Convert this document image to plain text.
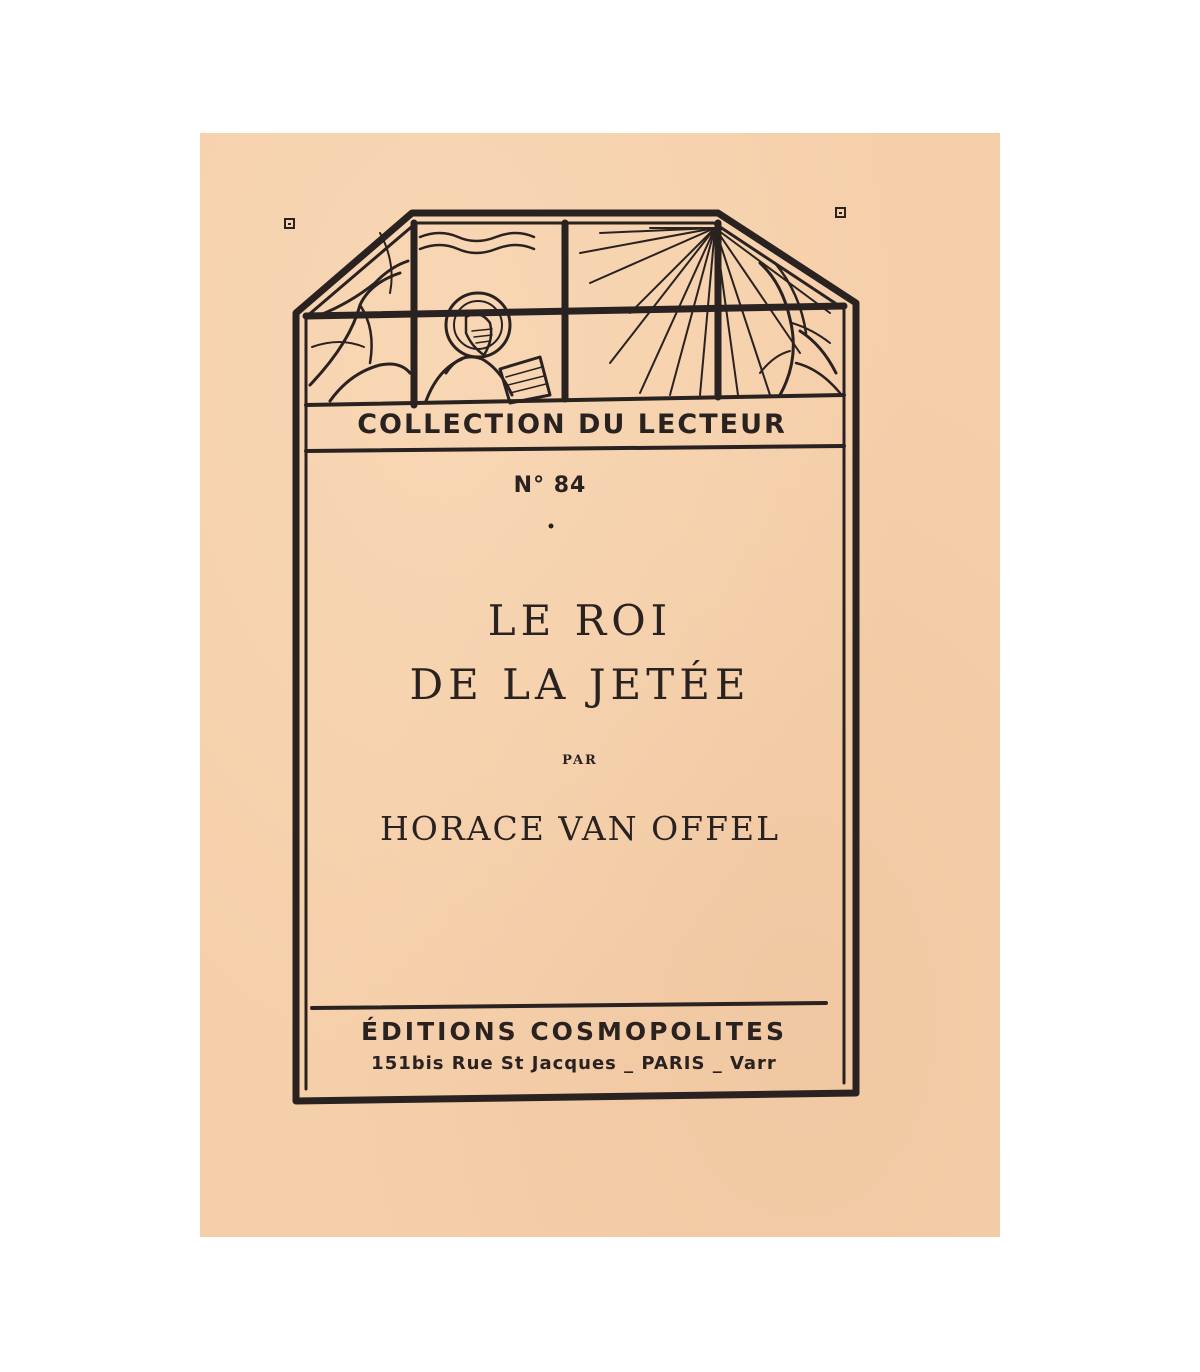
COLLECTION DU LECTEUR

N° 84

LE ROI

DE LA JETÉE

PAR

HORACE VAN OFFEL

ÉDITIONS COSMOPOLITES

151bis Rue St Jacques _ PARIS _ Varr
